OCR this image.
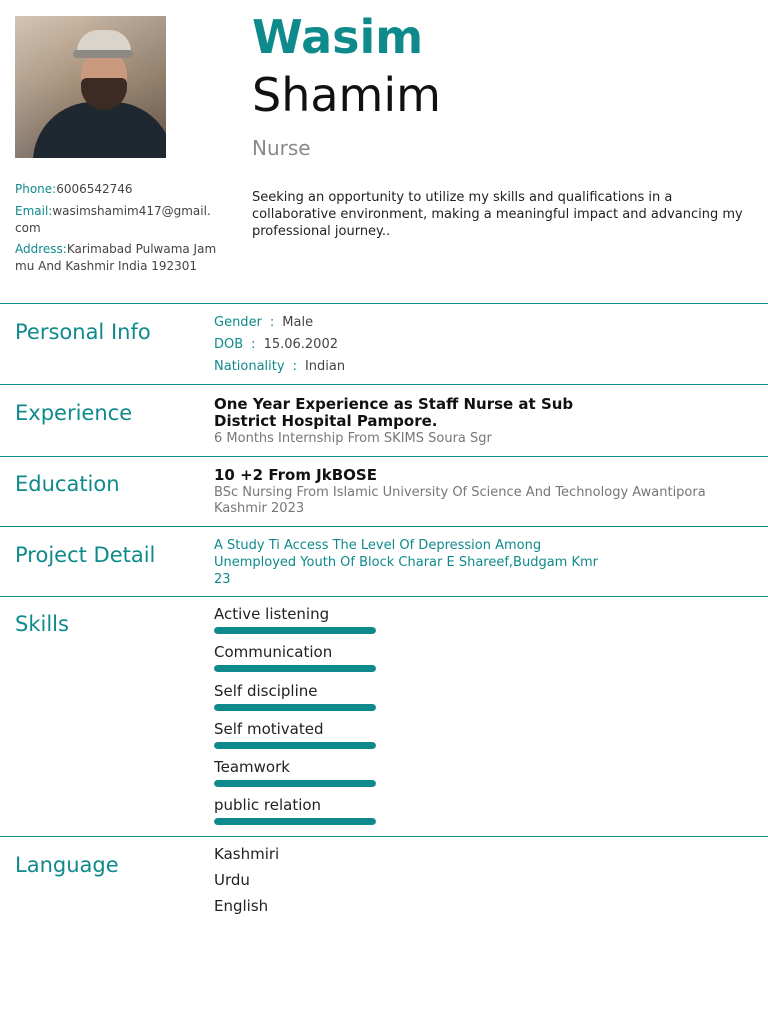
Wasim
Shamim
Nurse
Phone:6006542746
Email:wasimshamim417@gmail.com
Address:Karimabad Pulwama Jammu And Kashmir India 192301
Seeking an opportunity to utilize my skills and qualifications in a collaborative environment, making a meaningful impact and advancing my professional journey..
Personal Info	Gender : Male
DOB : 15.06.2002
Nationality : Indian
Experience	One Year Experience as Staff Nurse at Sub District Hospital Pampore.
6 Months Internship From SKIMS Soura Sgr
Education	10 +2 From JkBOSE
BSc Nursing From Islamic University Of Science And Technology Awantipora Kashmir 2023
Project Detail	A Study Ti Access The Level Of Depression Among Unemployed Youth Of Block Charar E Shareef,Budgam Kmr 23
Skills	Active listening
Communication
Self discipline
Self motivated
Teamwork
public relation
Language	Kashmiri
Urdu
English
